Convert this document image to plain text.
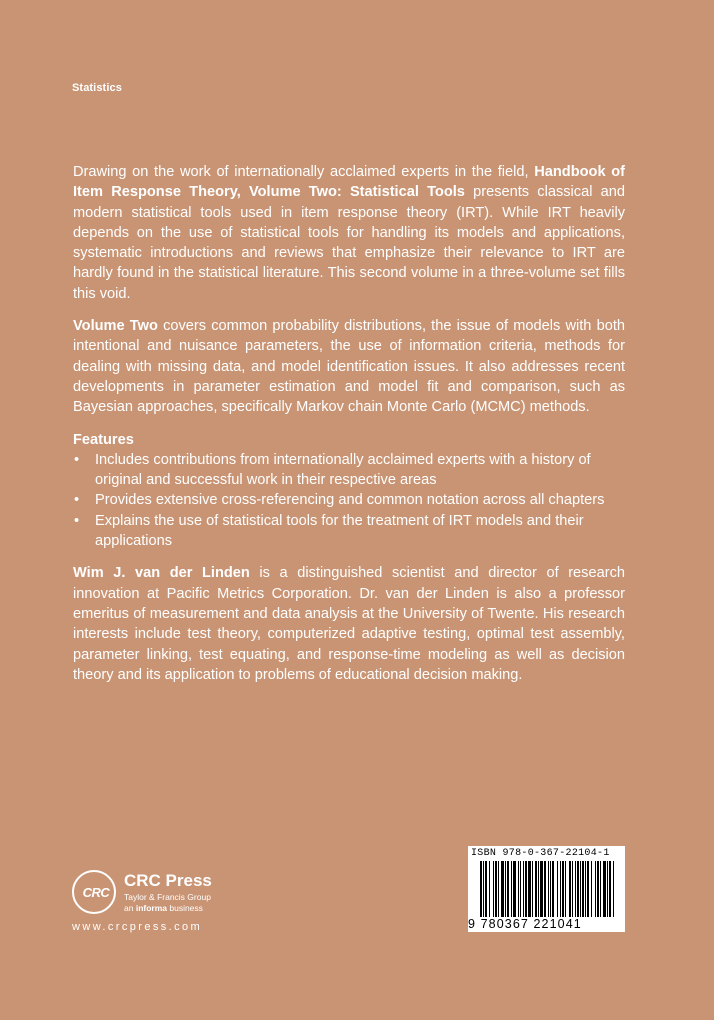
Statistics

Drawing on the work of internationally acclaimed experts in the field, Handbook of Item Response Theory, Volume Two: Statistical Tools presents classical and modern statistical tools used in item response theory (IRT). While IRT heavily depends on the use of statistical tools for handling its models and applications, systematic introductions and reviews that emphasize their relevance to IRT are hardly found in the statistical literature. This second volume in a three-volume set fills this void.

Volume Two covers common probability distributions, the issue of models with both intentional and nuisance parameters, the use of information criteria, methods for dealing with missing data, and model identification issues. It also addresses recent developments in parameter estimation and model fit and comparison, such as Bayesian approaches, specifically Markov chain Monte Carlo (MCMC) methods.

Features
• Includes contributions from internationally acclaimed experts with a history of original and successful work in their respective areas
• Provides extensive cross-referencing and common notation across all chapters
• Explains the use of statistical tools for the treatment of IRT models and their applications

Wim J. van der Linden is a distinguished scientist and director of research innovation at Pacific Metrics Corporation. Dr. van der Linden is also a professor emeritus of measurement and data analysis at the University of Twente. His research interests include test theory, computerized adaptive testing, optimal test assembly, parameter linking, test equating, and response-time modeling as well as decision theory and its application to problems of educational decision making.

CRC
CRC Press
Taylor & Francis Group
an informa business
www.crcpress.com
ISBN 978-0-367-22104-1
9 780367 221041
